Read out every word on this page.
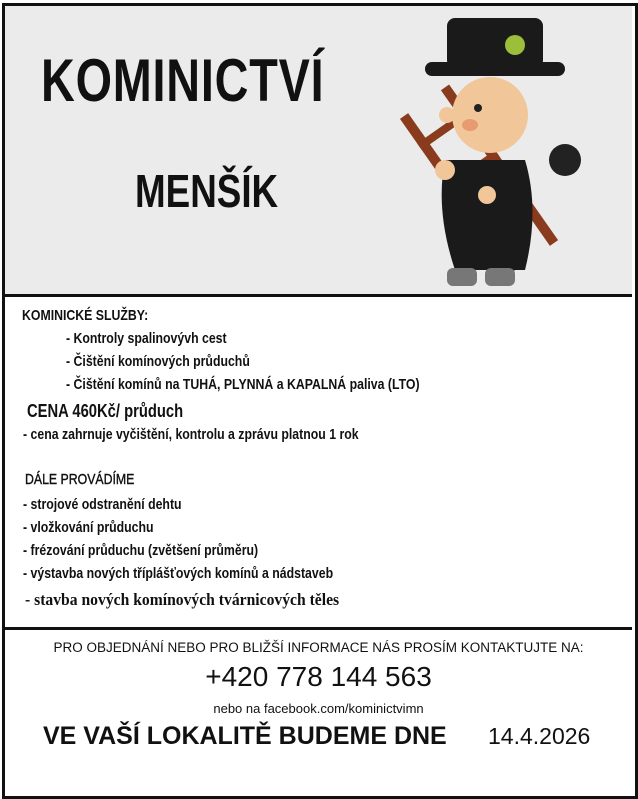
KOMINICTVÍ
MENŠÍK
KOMINICKÉ SLUŽBY:
- Kontroly spalinovývh cest
- Čištění komínových průduchů
- Čištění komínů na TUHÁ, PLYNNÁ a KAPALNÁ paliva (LTO)
CENA 460Kč/ průduch
- cena zahrnuje vyčištění, kontrolu a zprávu platnou 1 rok
DÁLE PROVÁDÍME
- strojové odstranění dehtu
- vložkování průduchu
- frézování průduchu (zvětšení průměru)
- výstavba nových tříplášťových komínů a nádstaveb
- stavba nových komínových tvárnicových těles
PRO OBJEDNÁNÍ NEBO PRO BLIŽŠÍ INFORMACE NÁS PROSÍM KONTAKTUJTE NA:
+420 778 144 563
nebo na facebook.com/kominictvimn
VE VAŠÍ LOKALITĚ BUDEME DNE 14.4.2026
